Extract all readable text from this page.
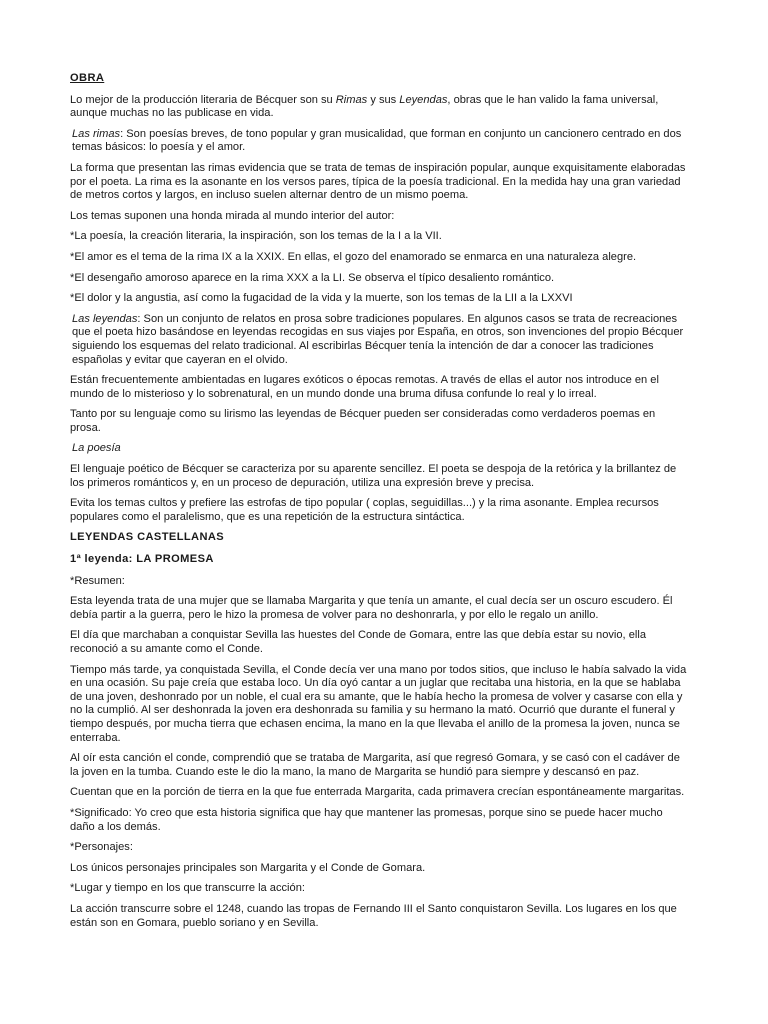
OBRA

Lo mejor de la producción literaria de Bécquer son su Rimas y sus Leyendas, obras que le han valido la fama universal, aunque muchas no las publicase en vida.

Las rimas: Son poesías breves, de tono popular y gran musicalidad, que forman en conjunto un cancionero centrado en dos temas básicos: lo poesía y el amor.

La forma que presentan las rimas evidencia que se trata de temas de inspiración popular, aunque exquisitamente elaboradas por el poeta. La rima es la asonante en los versos pares, típica de la poesía tradicional. En la medida hay una gran variedad de metros cortos y largos, en incluso suelen alternar dentro de un mismo poema.

Los temas suponen una honda mirada al mundo interior del autor:

*La poesía, la creación literaria, la inspiración, son los temas de la I a la VII.

*El amor es el tema de la rima IX a la XXIX. En ellas, el gozo del enamorado se enmarca en una naturaleza alegre.

*El desengaño amoroso aparece en la rima XXX a la LI. Se observa el típico desaliento romántico.

*El dolor y la angustia, así como la fugacidad de la vida y la muerte, son los temas de la LII a la LXXVI

Las leyendas: Son un conjunto de relatos en prosa sobre tradiciones populares. En algunos casos se trata de recreaciones que el poeta hizo basándose en leyendas recogidas en sus viajes por España, en otros, son invenciones del propio Bécquer siguiendo los esquemas del relato tradicional. Al escribirlas Bécquer tenía la intención de dar a conocer las tradiciones españolas y evitar que cayeran en el olvido.

Están frecuentemente ambientadas en lugares exóticos o épocas remotas. A través de ellas el autor nos introduce en el mundo de lo misterioso y lo sobrenatural, en un mundo donde una bruma difusa confunde lo real y lo irreal.

Tanto por su lenguaje como su lirismo las leyendas de Bécquer pueden ser consideradas como verdaderos poemas en prosa.

La poesía

El lenguaje poético de Bécquer se caracteriza por su aparente sencillez. El poeta se despoja de la retórica y la brillantez de los primeros románticos y, en un proceso de depuración, utiliza una expresión breve y precisa.

Evita los temas cultos y prefiere las estrofas de tipo popular ( coplas, seguidillas...) y la rima asonante. Emplea recursos populares como el paralelismo, que es una repetición de la estructura sintáctica.

LEYENDAS CASTELLANAS
1ª leyenda: LA PROMESA

*Resumen:

Esta leyenda trata de una mujer que se llamaba Margarita y que tenía un amante, el cual decía ser un oscuro escudero. Él debía partir a la guerra, pero le hizo la promesa de volver para no deshonrarla, y por ello le regalo un anillo.

El día que marchaban a conquistar Sevilla las huestes del Conde de Gomara, entre las que debía estar su novio, ella reconoció a su amante como el Conde.

Tiempo más tarde, ya conquistada Sevilla, el Conde decía ver una mano por todos sitios, que incluso le había salvado la vida en una ocasión. Su paje creía que estaba loco. Un día oyó cantar a un juglar que recitaba una historia, en la que se hablaba de una joven, deshonrado por un noble, el cual era su amante, que le había hecho la promesa de volver y casarse con ella y no la cumplió. Al ser deshonrada la joven era deshonrada su familia y su hermano la mató. Ocurrió que durante el funeral y tiempo después, por mucha tierra que echasen encima, la mano en la que llevaba el anillo de la promesa la joven, nunca se enterraba.

Al oír esta canción el conde, comprendió que se trataba de Margarita, así que regresó Gomara, y se casó con el cadáver de la joven en la tumba. Cuando este le dio la mano, la mano de Margarita se hundió para siempre y descansó en paz.

Cuentan que en la porción de tierra en la que fue enterrada Margarita, cada primavera crecían espontáneamente margaritas.

*Significado: Yo creo que esta historia significa que hay que mantener las promesas, porque sino se puede hacer mucho daño a los demás.

*Personajes:

Los únicos personajes principales son Margarita y el Conde de Gomara.

*Lugar y tiempo en los que transcurre la acción:

La acción transcurre sobre el 1248, cuando las tropas de Fernando III el Santo conquistaron Sevilla. Los lugares en los que están son en Gomara, pueblo soriano y en Sevilla.
